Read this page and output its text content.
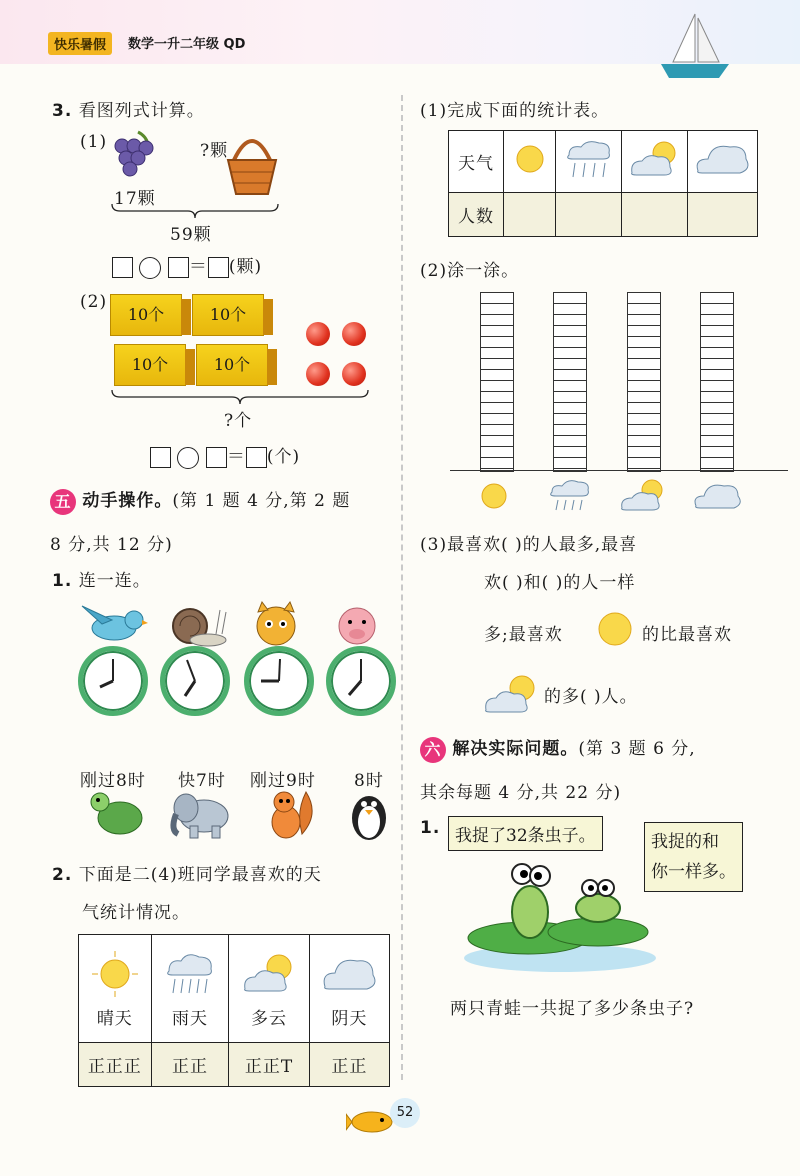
快乐暑假	数学一升二年级 QD
3. 看图列式计算。
(1)	?颗
17颗
59颗
＝ (颗)
(2)
10个	10个
10个	10个
?个
＝ (个)
五 动手操作。(第 1 题 4 分,第 2 题
8 分,共 12 分)
1. 连一连。
刚过8时 快7时 刚过9时 8时
2. 下面是二(4)班同学最喜欢的天
气统计情况。
晴天	雨天	多云	阴天

正正正	正正	正正T	正正
(1)完成下面的统计表。
天气				
人数				
(2)涂一涂。
(3)最喜欢( )的人最多,最喜
欢( )和( )的人一样
多;最喜欢	的比最喜欢
的多( )人。
六 解决实际问题。(第 3 题 6 分,
其余每题 4 分,共 22 分)
1. 我捉了32条虫子。	我捉的和
你一样多。
两只青蛙一共捉了多少条虫子?
52
